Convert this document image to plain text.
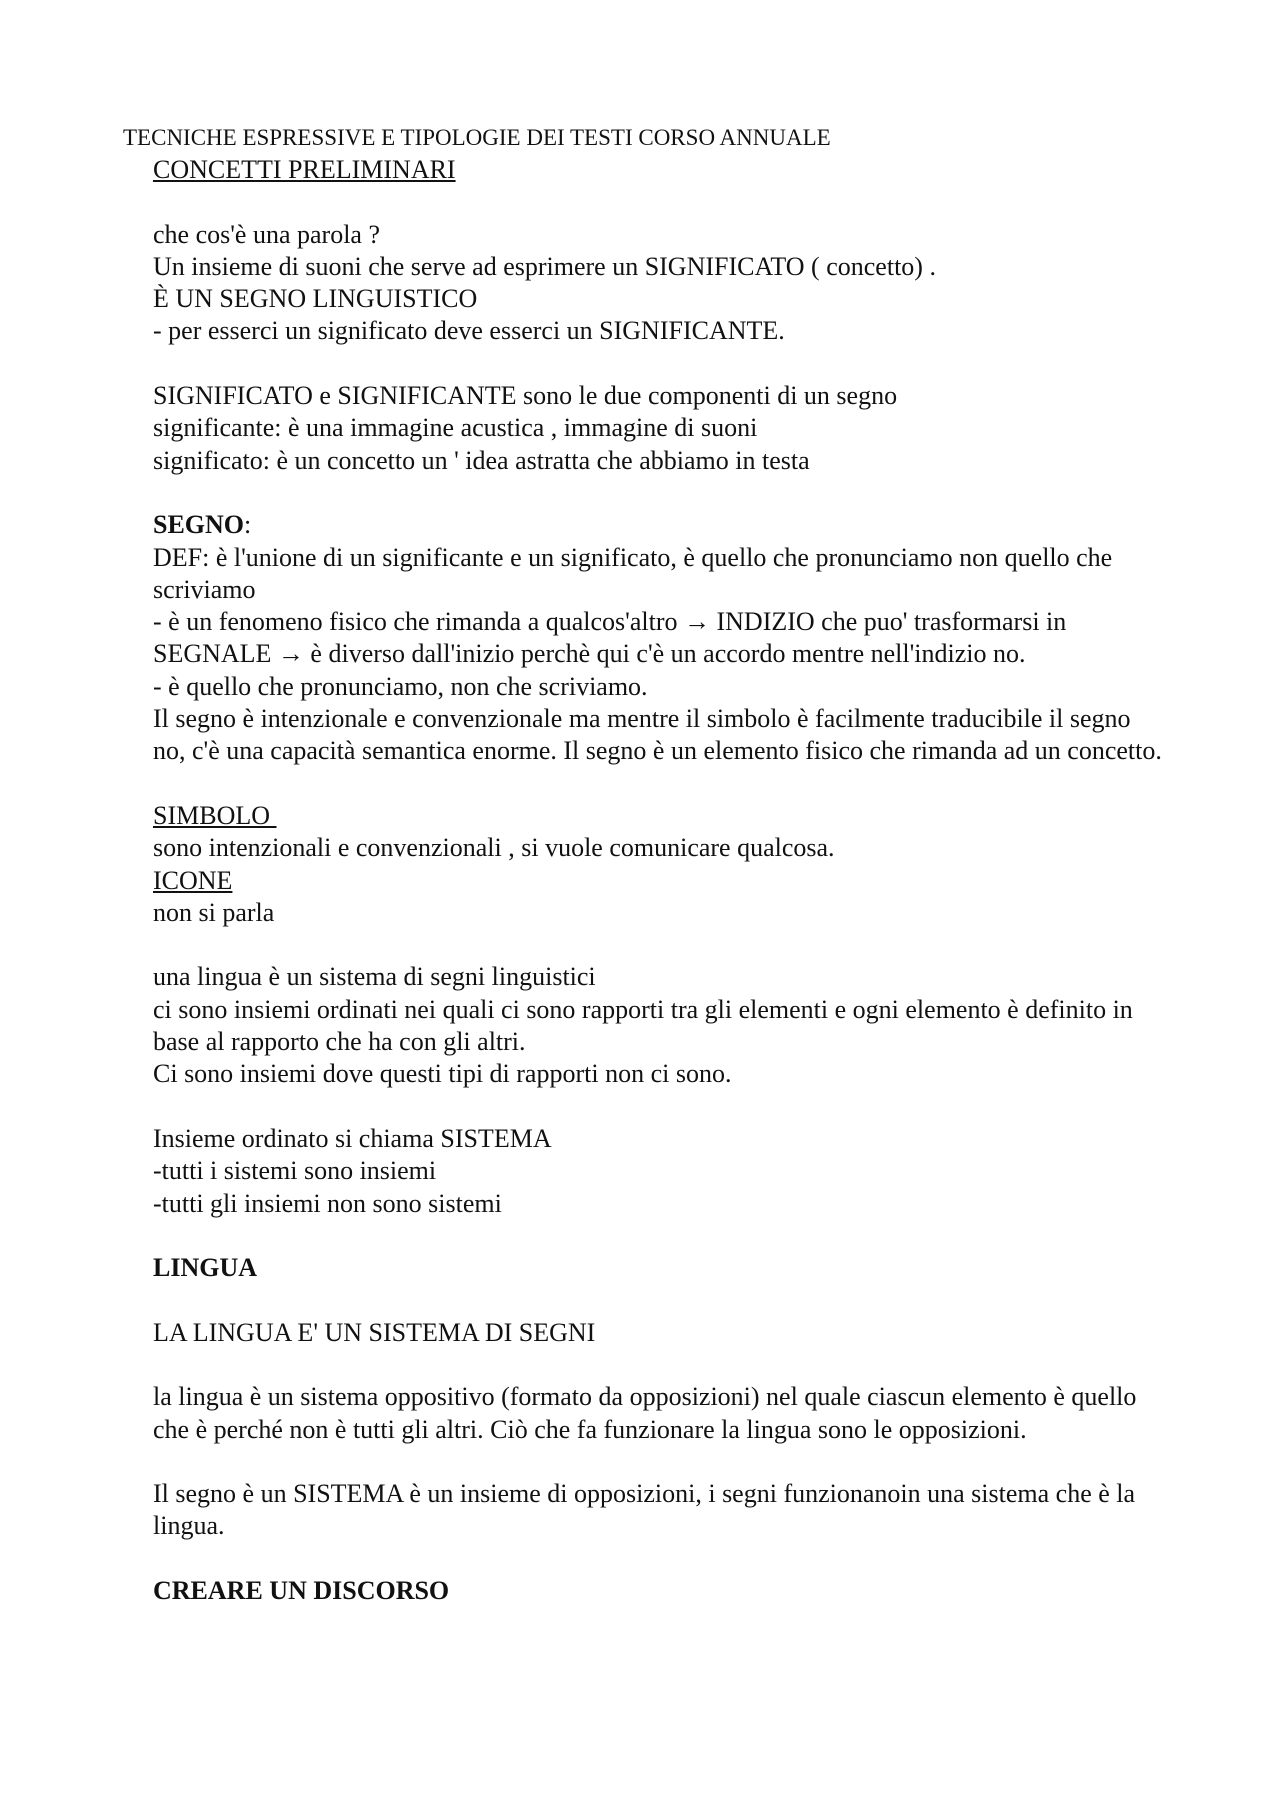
TECNICHE ESPRESSIVE E TIPOLOGIE DEI TESTI CORSO ANNUALE

CONCETTI PRELIMINARI

che cos'è una parola ?

Un insieme di suoni che serve ad esprimere un SIGNIFICATO ( concetto) .

È UN SEGNO LINGUISTICO

- per esserci un significato deve esserci un SIGNIFICANTE.

SIGNIFICATO e SIGNIFICANTE sono le due componenti di un segno

significante: è una immagine acustica , immagine di suoni

significato: è un concetto un ' idea astratta che abbiamo in testa

SEGNO:

DEF: è l'unione di un significante e un significato, è quello che pronunciamo non quello che scriviamo

- è un fenomeno fisico che rimanda a qualcos'altro → INDIZIO che puo' trasformarsi in SEGNALE → è diverso dall'inizio perchè qui c'è un accordo mentre nell'indizio no.

- è quello che pronunciamo, non che scriviamo.

Il segno è intenzionale e convenzionale ma mentre il simbolo è facilmente traducibile il segno no, c'è una capacità semantica enorme. Il segno è un elemento fisico che rimanda ad un concetto.

SIMBOLO

sono intenzionali e convenzionali , si vuole comunicare qualcosa.

ICONE

non si parla

una lingua è un sistema di segni linguistici

ci sono insiemi ordinati nei quali ci sono rapporti tra gli elementi e ogni elemento è definito in base al rapporto che ha con gli altri.

Ci sono insiemi dove questi tipi di rapporti non ci sono.

Insieme ordinato si chiama SISTEMA

-tutti i sistemi sono insiemi

-tutti gli insiemi non sono sistemi

LINGUA

LA LINGUA E' UN SISTEMA DI SEGNI

la lingua è un sistema oppositivo (formato da opposizioni) nel quale ciascun elemento è quello che è perché non è tutti gli altri. Ciò che fa funzionare la lingua sono le opposizioni.

Il segno è un SISTEMA è un insieme di opposizioni, i segni funzionanoin una sistema che è la lingua.

CREARE UN DISCORSO
